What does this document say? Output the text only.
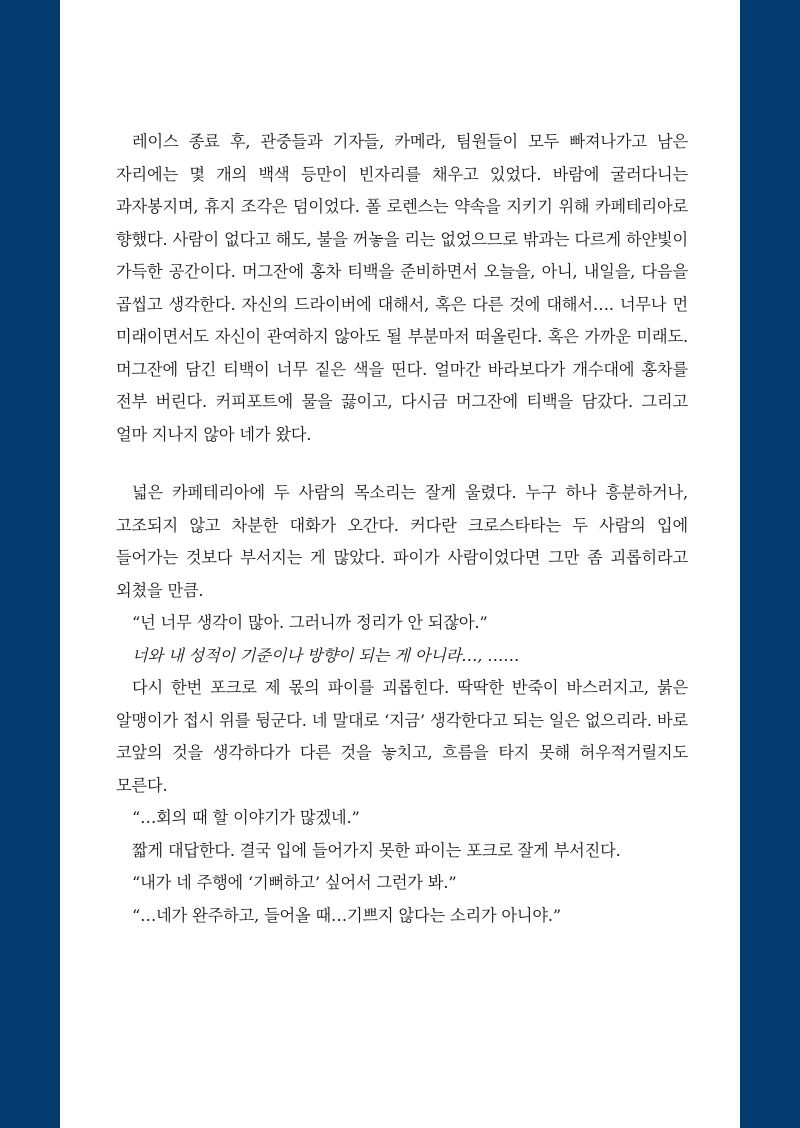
레이스 종료 후, 관중들과 기자들, 카메라, 팀원들이 모두 빠져나가고 남은 자리에는 몇 개의 백색 등만이 빈자리를 채우고 있었다. 바람에 굴러다니는 과자봉지며, 휴지 조각은 덤이었다. 폴 로렌스는 약속을 지키기 위해 카페테리아로 향했다. 사람이 없다고 해도, 불을 꺼놓을 리는 없었으므로 밖과는 다르게 하얀빛이 가득한 공간이다. 머그잔에 홍차 티백을 준비하면서 오늘을, 아니, 내일을, 다음을 곱씹고 생각한다. 자신의 드라이버에 대해서, 혹은 다른 것에 대해서…. 너무나 먼 미래이면서도 자신이 관여하지 않아도 될 부분마저 떠올린다. 혹은 가까운 미래도. 머그잔에 담긴 티백이 너무 짙은 색을 띤다. 얼마간 바라보다가 개수대에 홍차를 전부 버린다. 커피포트에 물을 끓이고, 다시금 머그잔에 티백을 담갔다. 그리고 얼마 지나지 않아 네가 왔다.

넓은 카페테리아에 두 사람의 목소리는 잘게 울렸다. 누구 하나 흥분하거나, 고조되지 않고 차분한 대화가 오간다. 커다란 크로스타타는 두 사람의 입에 들어가는 것보다 부서지는 게 많았다. 파이가 사람이었다면 그만 좀 괴롭히라고 외쳤을 만큼.

“넌 너무 생각이 많아. 그러니까 정리가 안 되잖아.”

너와 내 성적이 기준이나 방향이 되는 게 아니라…, ……

다시 한번 포크로 제 몫의 파이를 괴롭힌다. 딱딱한 반죽이 바스러지고, 붉은 알맹이가 접시 위를 뒹군다. 네 말대로 ‘지금’ 생각한다고 되는 일은 없으리라. 바로 코앞의 것을 생각하다가 다른 것을 놓치고, 흐름을 타지 못해 허우적거릴지도 모른다.

“…회의 때 할 이야기가 많겠네.”

짧게 대답한다. 결국 입에 들어가지 못한 파이는 포크로 잘게 부서진다.

“내가 네 주행에 ‘기뻐하고’ 싶어서 그런가 봐.”

“…네가 완주하고, 들어올 때…기쁘지 않다는 소리가 아니야.”
